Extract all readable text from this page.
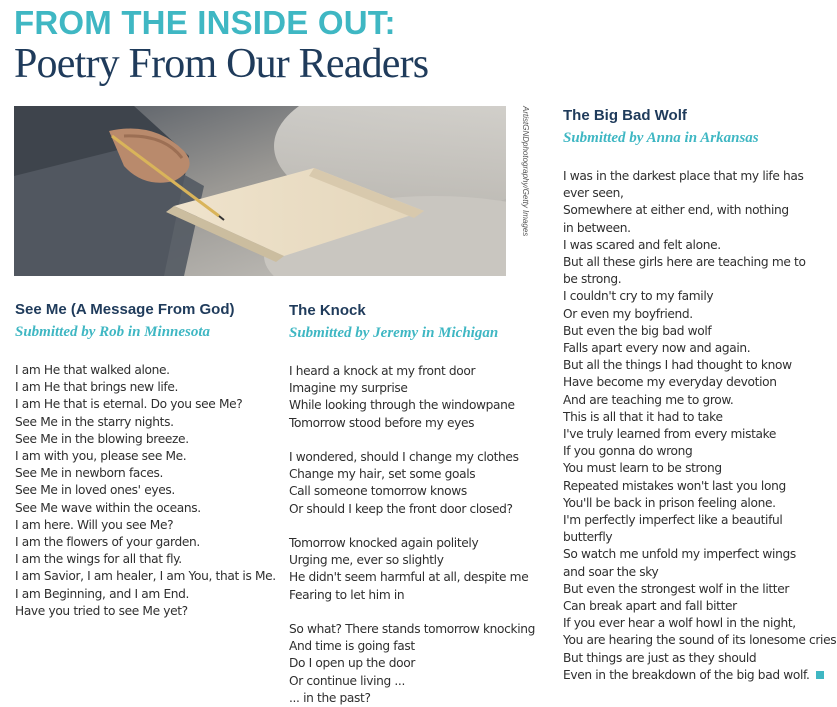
FROM THE INSIDE OUT:
Poetry From Our Readers
ArtistGNDphotography/Getty Images
See Me (A Message From God)
Submitted by Rob in Minnesota
I am He that walked alone.
I am He that brings new life.
I am He that is eternal. Do you see Me?
See Me in the starry nights.
See Me in the blowing breeze.
I am with you, please see Me.
See Me in newborn faces.
See Me in loved ones' eyes.
See Me wave within the oceans.
I am here. Will you see Me?
I am the flowers of your garden.
I am the wings for all that fly.
I am Savior, I am healer, I am You, that is Me.
I am Beginning, and I am End.
Have you tried to see Me yet?
The Knock
Submitted by Jeremy in Michigan
I heard a knock at my front door
Imagine my surprise
While looking through the windowpane
Tomorrow stood before my eyes
I wondered, should I change my clothes
Change my hair, set some goals
Call someone tomorrow knows
Or should I keep the front door closed?
Tomorrow knocked again politely
Urging me, ever so slightly
He didn't seem harmful at all, despite me
Fearing to let him in
So what? There stands tomorrow knocking
And time is going fast
Do I open up the door
Or continue living ...
... in the past?
The Big Bad Wolf
Submitted by Anna in Arkansas
I was in the darkest place that my life has
ever seen,
Somewhere at either end, with nothing
in between.
I was scared and felt alone.
But all these girls here are teaching me to
be strong.
I couldn't cry to my family
Or even my boyfriend.
But even the big bad wolf
Falls apart every now and again.
But all the things I had thought to know
Have become my everyday devotion
And are teaching me to grow.
This is all that it had to take
I've truly learned from every mistake
If you gonna do wrong
You must learn to be strong
Repeated mistakes won't last you long
You'll be back in prison feeling alone.
I'm perfectly imperfect like a beautiful
butterfly
So watch me unfold my imperfect wings
and soar the sky
But even the strongest wolf in the litter
Can break apart and fall bitter
If you ever hear a wolf howl in the night,
You are hearing the sound of its lonesome cries
But things are just as they should
Even in the breakdown of the big bad wolf.
